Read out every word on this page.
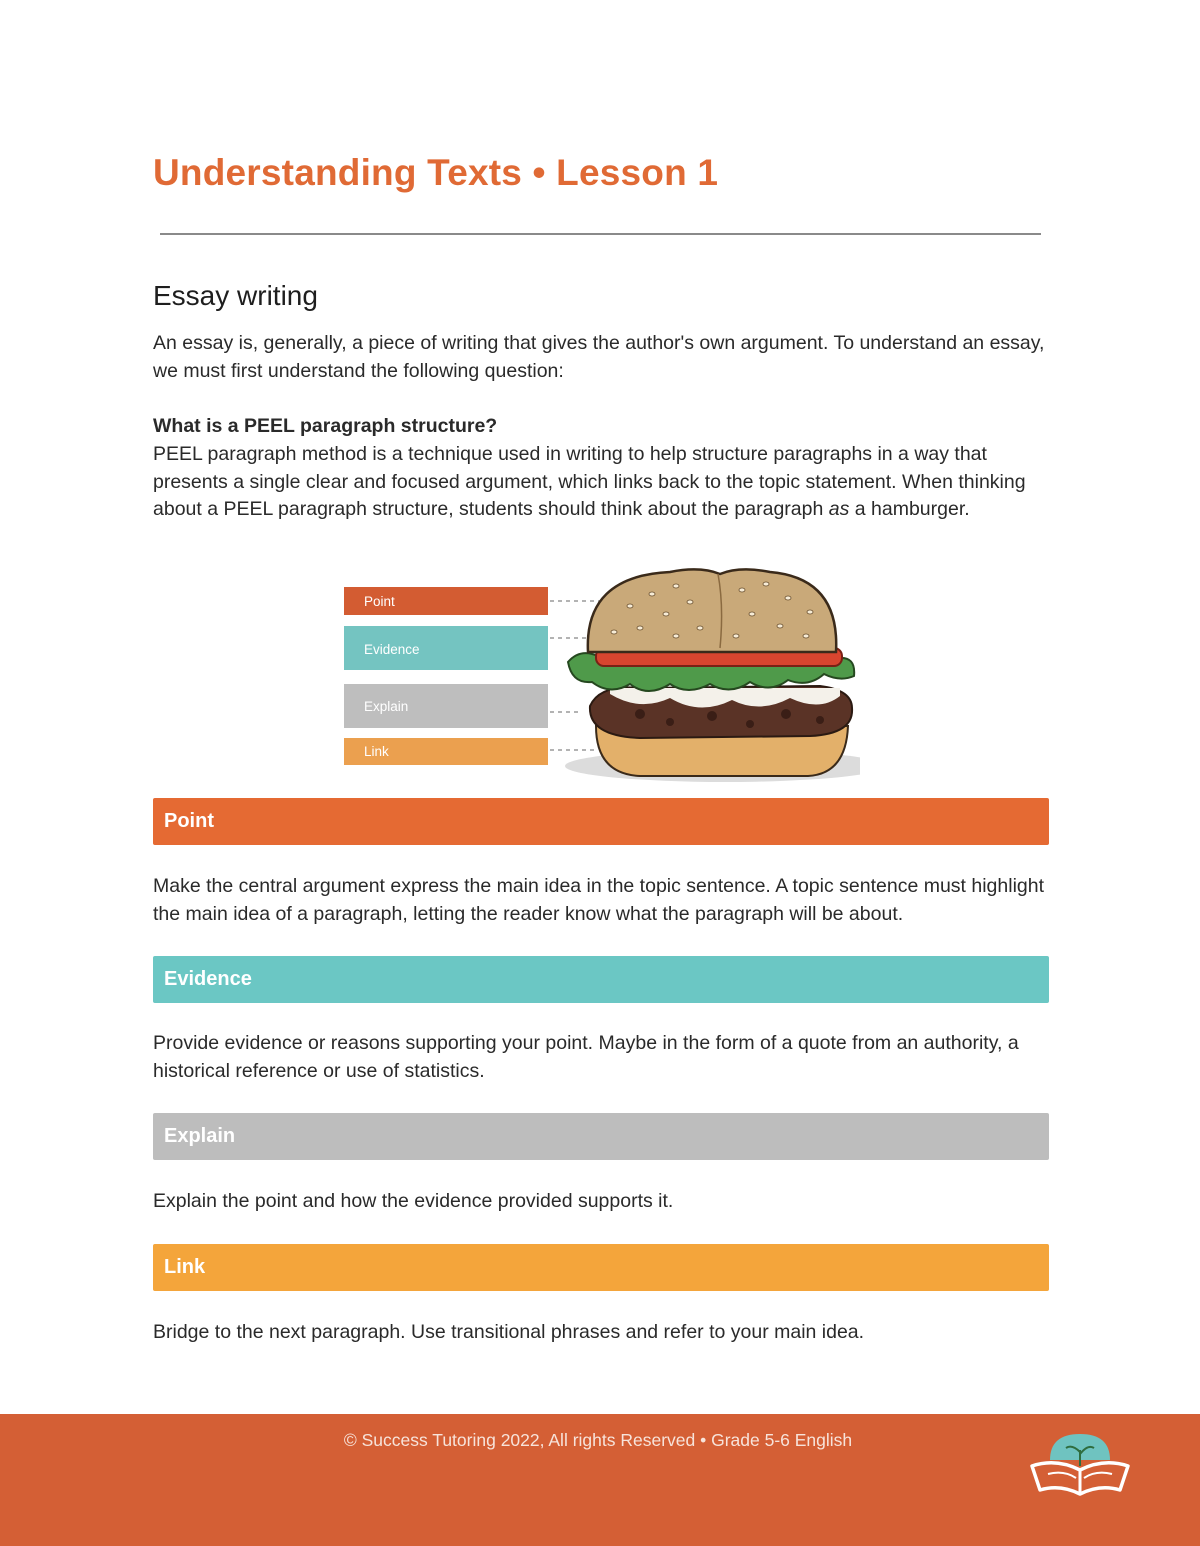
Understanding Texts • Lesson 1
Essay writing

An essay is, generally, a piece of writing that gives the author's own argument. To understand an essay, we must first understand the following question:

What is a PEEL paragraph structure?

PEEL paragraph method is a technique used in writing to help structure paragraphs in a way that presents a single clear and focused argument, which links back to the topic statement. When thinking about a PEEL paragraph structure, students should think about the paragraph as a hamburger.

Point
Evidence
Explain
Link
Point

Make the central argument express the main idea in the topic sentence. A topic sentence must highlight the main idea of a paragraph, letting the reader know what the paragraph will be about.

Evidence

Provide evidence or reasons supporting your point. Maybe in the form of a quote from an authority, a historical reference or use of statistics.

Explain

Explain the point and how the evidence provided supports it.

Link

Bridge to the next paragraph. Use transitional phrases and refer to your main idea.

© Success Tutoring 2022, All rights Reserved • Grade 5-6 English
